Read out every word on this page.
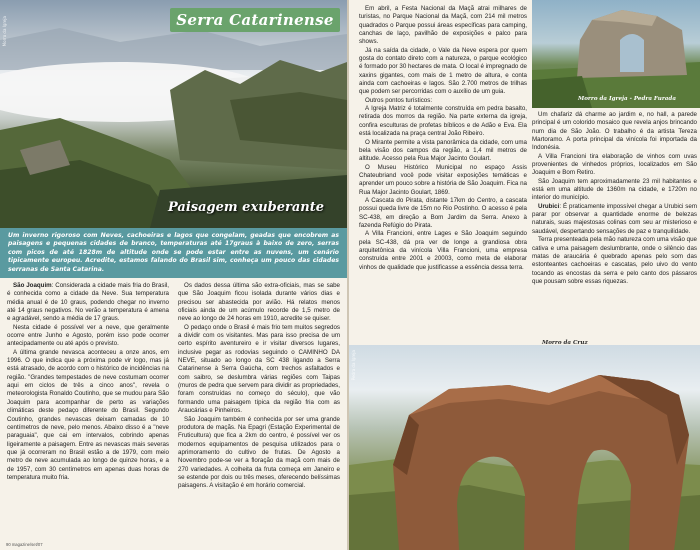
Serra Catarinense
Paisagem exuberante
Morro da Igreja

Um inverno rigoroso com Neves, cachoeiras e lagos que congelam, geadas que encobrem as paisagens e pequenas cidades de branco, temperaturas até 17graus à baixo de zero, serras com picos de até 1828m de altitude onde se pode estar entre as nuvens, um cenário tipicamente europeu. Acredite, estamos falando do Brasil sim, conheça um pouco das cidades serranas de Santa Catarina.

São Joaquim: Considerada a cidade mais fria do Brasil, é conhecida como a cidade da Neve. Sua temperatura média anual é de 10 graus, podendo chegar no inverno até 14 graus negativos. No verão a temperatura é amena e agradável, sendo a média de 17 graus.

Nesta cidade é possível ver a neve, que geralmente ocorre entre Junho e Agosto, porém isso pode ocorrer antecipadamente ou até após o previsto.

A última grande nevasca aconteceu a onze anos, em 1996. O que indica que a próxima pode vir logo, mas já está atrasado, de acordo com o histórico de incidências na região. "Grandes tempestades de neve costumam ocorrer aqui em ciclos de três a cinco anos", revela o meteorologista Ronaldo Coutinho, que se mudou para São Joaquim para acompanhar de perto as variações climáticas deste pedaço diferente do Brasil. Segundo Coutinho, grandes nevascas deixam camadas de 10 centímetros de neve, pelo menos. Abaixo disso é a "neve paraguaia", que cai em intervalos, cobrindo apenas ligeiramente a paisagem. Entre as nevascas mais severas que já ocorreram no Brasil estão a de 1979, com meio metro de neve acumulada ao longo de quinze horas, e a de 1957, com 30 centímetros em apenas duas horas de temperatura muito fria.

Os dados dessa última são extra-oficiais, mas se sabe que São Joaquim ficou isolada durante vários dias e precisou ser abastecida por avião. Há relatos menos oficiais ainda de um acúmulo recorde de 1,5 metro de neve ao longo de 24 horas em 1910, acredite se quiser.

O pedaço onde o Brasil é mais frio tem muitos segredos a dividir com os visitantes. Mas para isso precisa de um certo espírito aventureiro e ir visitar diversos lugares, inclusive pegar as rodovias seguindo o CAMINHO DA NEVE, situado ao longo da SC 438 ligando a Serra Catarinense à Serra Gaúcha, com trechos asfaltados e com saibro, se deslumbra várias regiões com Taipas (muros de pedra que servem para dividir as propriedades, foram construídas no começo do século), que vão formando uma paisagem típica da região fria com as Araucárias e Pinheiros.

São Joaquim também é conhecida por ser uma grande produtora de maçãs. Na Epagri (Estação Experimental de Fruticultura) que fica a 2km do centro, é possível ver os modernos equipamentos de pesquisa utilizados para o aprimoramento do cultivo de frutas. De Agosto a Novembro pode-se ver a floração da maçã com mais de 270 variedades. A colheita da fruta começa em Janeiro e se estende por dois ou três meses, oferecendo belíssimas paisagens. A visitação é em horário comercial.

90 magazine/set/07

Em abril, a Festa Nacional da Maçã atrai milhares de turistas, no Parque Nacional da Maçã, com 214 mil metros quadrados o Parque possui áreas específicas para camping, canchas de laço, pavilhão de exposições e palco para shows.

Já na saída da cidade, o Vale da Neve espera por quem gosta do contato direto com a natureza, o parque ecológico é formado por 30 hectares de mata. O local é impregnado de xaxins gigantes, com mais de 1 metro de altura, e conta ainda com cachoeiras e lagos. São 2.700 metros de trilhas que podem ser percorridas com o auxílio de um guia.

Outros pontos turísticos:

A Igreja Matriz é totalmente construída em pedra basalto, retirada dos morros da região. Na parte externa da igreja, confira esculturas de profetas bíblicos e de Adão e Eva. Ela está localizada na praça central João Ribeiro.

O Mirante permite a vista panorâmica da cidade, com uma bela visão dos campos da região, a 1,4 mil metros de altitude. Acesso pela Rua Major Jacinto Goulart.

O Museu Histórico Municipal no espaço Assis Chateubriand você pode visitar exposições temáticas e aprender um pouco sobre a história de São Joaquim. Fica na Rua Major Jacinto Goulart, 1869.

A Cascata do Pirata, distante 17km do Centro, a cascata possui queda livre de 15m no Rio Postinho. O acesso é pela SC-438, em direção a Bom Jardim da Serra. Anexo à fazenda Refúgio do Pirata.

A Villa Francioni, entre Lages e São Joaquim seguindo pela SC-438, dá pra ver de longe a grandiosa obra arquitetônica da vinícola Villa Francioni, uma empresa construída entre 2001 e 20003, como meta de elaborar vinhos de qualidade que justificasse a essência dessa terra.

Morro da Igreja - Pedra Furada

Um chafariz dá charme ao jardim e, no hall, a parede principal é um colorido mosaico que revela anjos brincando num dia de São João. O trabalho é da artista Tereza Martoramo. A porta principal da vinícola foi importada da Indonésia.

A Villa Francioni tira elaboração de vinhos com uvas provenientes de vinhedos próprios, localizados em São Joaquim e Bom Retiro.

São Joaquim tem aproximadamente 23 mil habitantes e está em uma altitude de 1360m na cidade, e 1720m no interior do município.

Urubici: É praticamente impossível chegar a Urubici sem parar por observar a quantidade enorme de belezas naturais, suas majestosas colinas com seu ar misterioso e saudável, despertando sensações de paz e tranquilidade.

Terra presenteada pela mão natureza com uma visão que cativa e uma paisagem deslumbrante, onde o silêncio das matas de araucária é quebrado apenas pelo som das estonteantes cachoeiras e cascatas, pelo uivo do vento tocando as encostas da serra e pelo canto dos pássaros que pousam sobre essas riquezas.

Morro da Cruz
Pedra da Igreja
